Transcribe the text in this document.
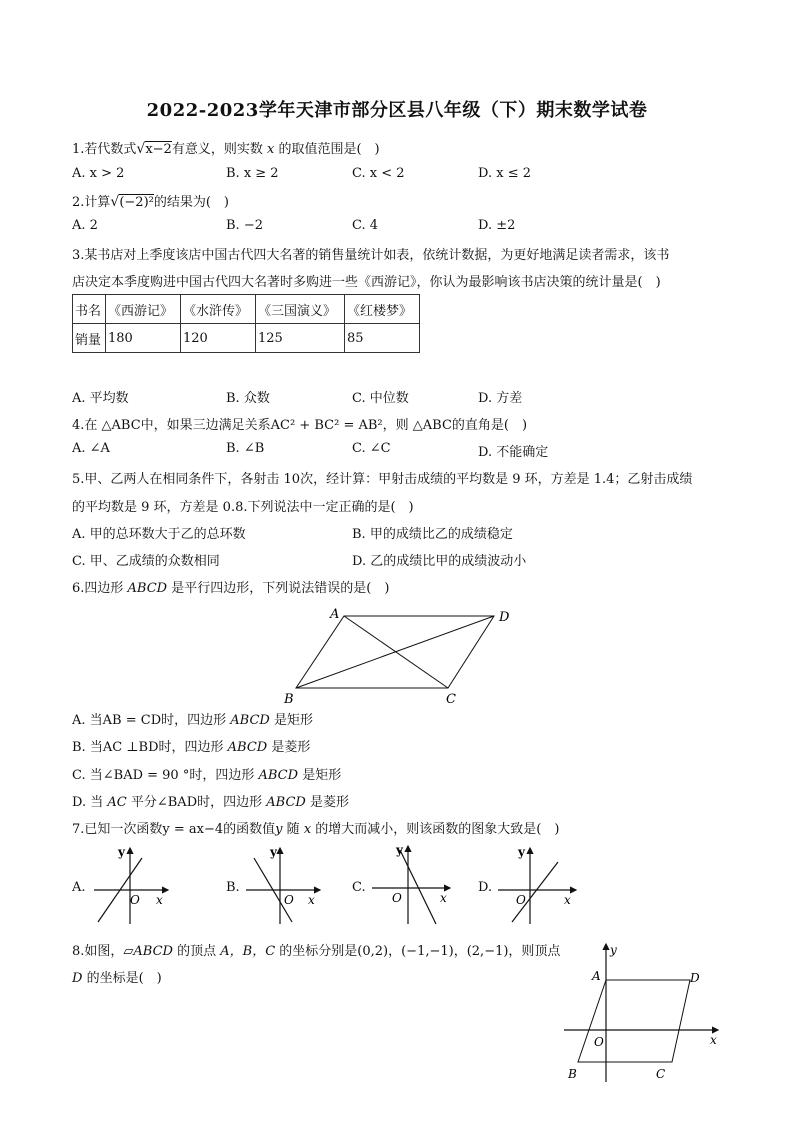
2022-2023学年天津市部分区县八年级（下）期末数学试卷
1.若代数式√x−2有意义，则实数 x 的取值范围是(　)
A. x > 2	B. x ≥ 2	C. x < 2	D. x ≤ 2
2.计算√(−2)²的结果为(　)
A. 2	B. −2	C. 4	D. ±2
3.某书店对上季度该店中国古代四大名著的销售量统计如表，依统计数据，为更好地满足读者需求，该书
店决定本季度购进中国古代四大名著时多购进一些《西游记》，你认为最影响该书店决策的统计量是(　)
书名	《西游记》	《水浒传》	《三国演义》	《红楼梦》
销量	180	120	125	85
A. 平均数	B. 众数	C. 中位数	D. 方差
4.在 △ABC中，如果三边满足关系AC² + BC² = AB²，则 △ABC的直角是(　)
A. ∠A	B. ∠B	C. ∠C	D. 不能确定
5.甲、乙两人在相同条件下，各射击 10次，经计算：甲射击成绩的平均数是 9 环，方差是 1.4；乙射击成绩
的平均数是 9 环，方差是 0.8.下列说法中一定正确的是(　)
A. 甲的总环数大于乙的总环数	B. 甲的成绩比乙的成绩稳定
C. 甲、乙成绩的众数相同	D. 乙的成绩比甲的成绩波动小
6.四边形 ABCD 是平行四边形，下列说法错误的是(　)
A	D
B	C
A. 当AB = CD时，四边形 ABCD 是矩形
B. 当AC ⊥BD时，四边形 ABCD 是菱形
C. 当∠BAD = 90 °时，四边形 ABCD 是矩形
D. 当 AC 平分∠BAD时，四边形 ABCD 是菱形
7.已知一次函数y = ax−4的函数值y 随 x 的增大而减小，则该函数的图象大致是(　)
A.
y
x
O
B.
y
x
O
C.
y
x
O
D.
y
x
O
8.如图，▱ABCD 的顶点 A，B，C 的坐标分别是(0,2)，(−1,−1)，(2,−1)，则顶点
D 的坐标是(　)	A	D
B	C
O	x
y
